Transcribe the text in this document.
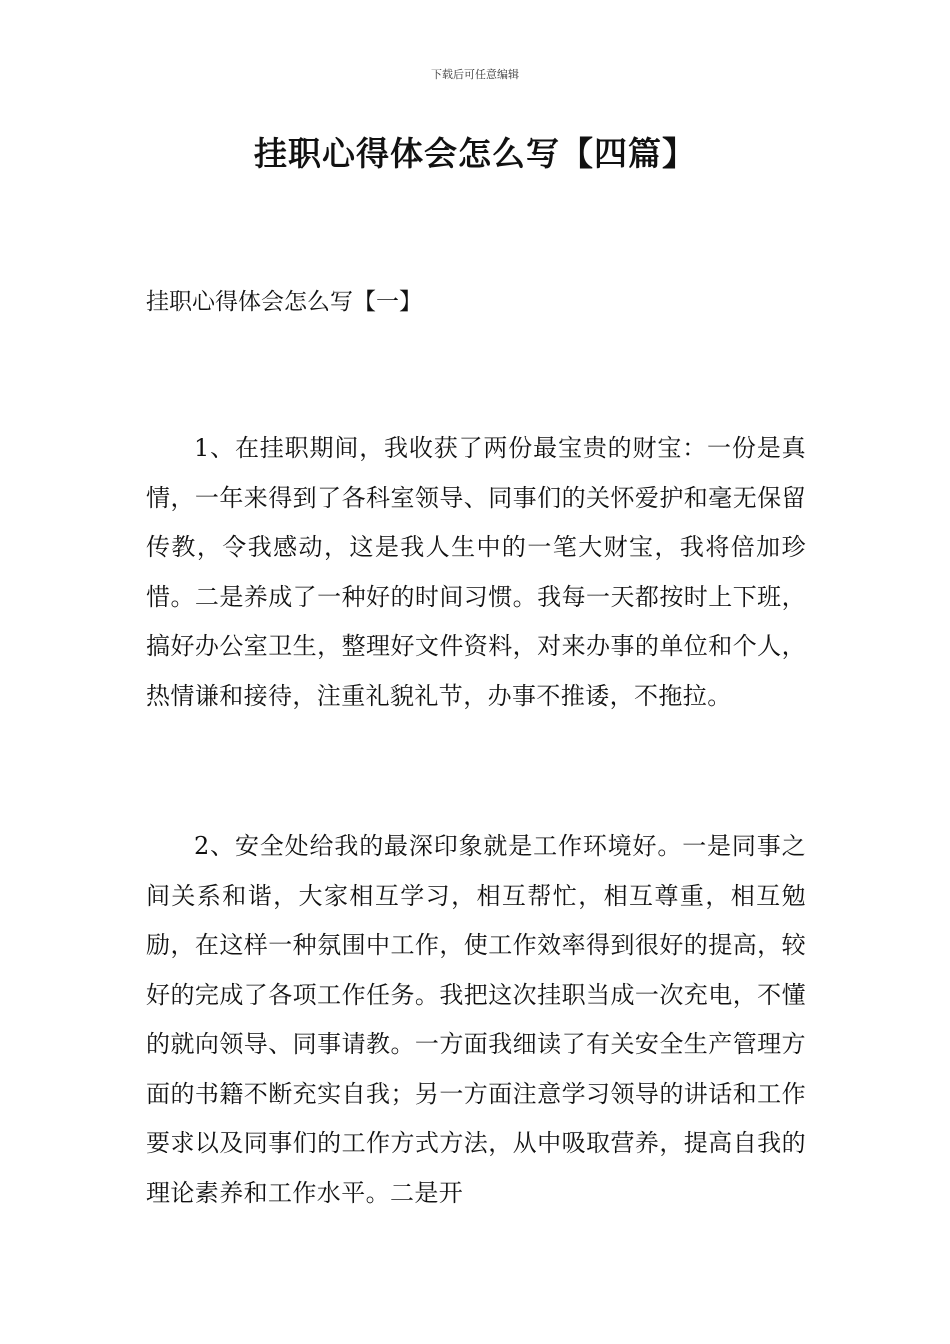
下载后可任意编辑
挂职心得体会怎么写【四篇】
挂职心得体会怎么写【一】

1、在挂职期间，我收获了两份最宝贵的财宝：一份是真情，一年来得到了各科室领导、同事们的关怀爱护和毫无保留传教，令我感动，这是我人生中的一笔大财宝，我将倍加珍惜。二是养成了一种好的时间习惯。我每一天都按时上下班，搞好办公室卫生，整理好文件资料，对来办事的单位和个人，热情谦和接待，注重礼貌礼节，办事不推诿，不拖拉。

2、安全处给我的最深印象就是工作环境好。一是同事之间关系和谐，大家相互学习，相互帮忙，相互尊重，相互勉励，在这样一种氛围中工作，使工作效率得到很好的提高，较好的完成了各项工作任务。我把这次挂职当成一次充电，不懂的就向领导、同事请教。一方面我细读了有关安全生产管理方面的书籍不断充实自我；另一方面注意学习领导的讲话和工作要求以及同事们的工作方式方法，从中吸取营养，提高自我的理论素养和工作水平。二是开
